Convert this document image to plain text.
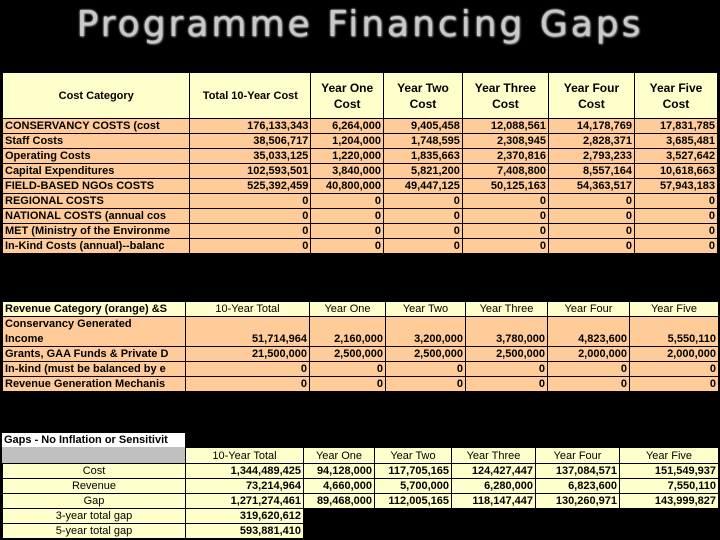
Programme Financing Gaps
Cost Category	Total 10-Year Cost	Year One Cost	Year Two Cost	Year Three Cost	Year Four Cost	Year Five Cost
CONSERVANCY COSTS (cost	176,133,343	6,264,000	9,405,458	12,088,561	14,178,769	17,831,785
Staff Costs	38,506,717	1,204,000	1,748,595	2,308,945	2,828,371	3,685,481
Operating Costs	35,033,125	1,220,000	1,835,663	2,370,816	2,793,233	3,527,642
Capital Expenditures	102,593,501	3,840,000	5,821,200	7,408,800	8,557,164	10,618,663
FIELD-BASED NGOs COSTS	525,392,459	40,800,000	49,447,125	50,125,163	54,363,517	57,943,183
REGIONAL COSTS	0	0	0	0	0	0
NATIONAL COSTS (annual cos	0	0	0	0	0	0
MET (Ministry of the Environme	0	0	0	0	0	0
In-Kind Costs (annual)--balanc	0	0	0	0	0	0
Revenue Category (orange) &S	10-Year Total	Year One	Year Two	Year Three	Year Four	Year Five
Conservancy Generated						
Income	51,714,964	2,160,000	3,200,000	3,780,000	4,823,600	5,550,110
Grants, GAA Funds & Private D	21,500,000	2,500,000	2,500,000	2,500,000	2,000,000	2,000,000
In-kind (must be balanced by e	0	0	0	0	0	0
Revenue Generation Mechanis	0	0	0	0	0	0
Gaps - No Inflation or Sensitivit
	10-Year Total	Year One	Year Two	Year Three	Year Four	Year Five
Cost	1,344,489,425	94,128,000	117,705,165	124,427,447	137,084,571	151,549,937
Revenue	73,214,964	4,660,000	5,700,000	6,280,000	6,823,600	7,550,110
Gap	1,271,274,461	89,468,000	112,005,165	118,147,447	130,260,971	143,999,827
3-year total gap	319,620,612					
5-year total gap	593,881,410					
